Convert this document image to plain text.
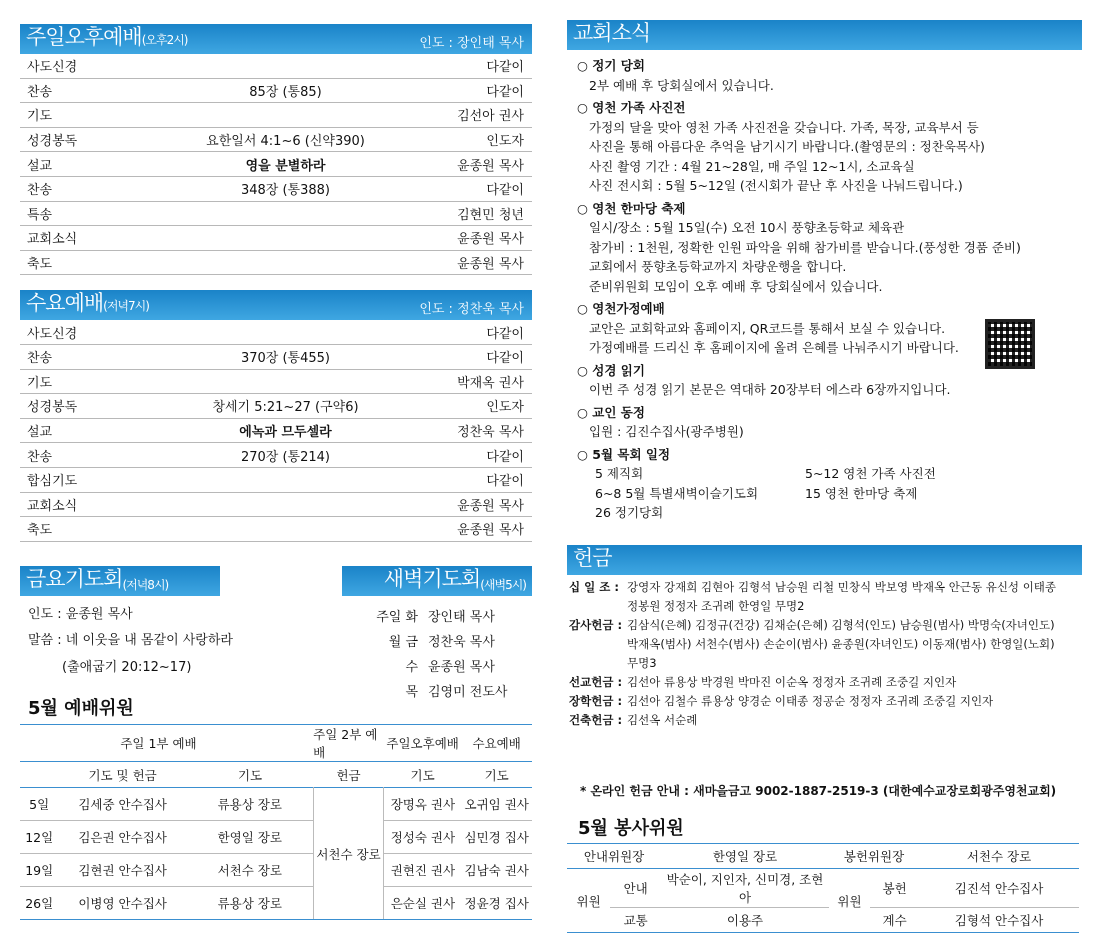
주일오후예배(오후2시)	인도 : 장인태 목사
사도신경	다같이
찬송	85장 (통85)	다같이
기도	김선아 권사
성경봉독	요한일서 4:1~6 (신약390)	인도자
설교	영을 분별하라	윤종원 목사
찬송	348장 (통388)	다같이
특송	김현민 청년
교회소식	윤종원 목사
축도	윤종원 목사
수요예배(저녁7시)	인도 : 정찬욱 목사
사도신경	다같이
찬송	370장 (통455)	다같이
기도	박재옥 권사
성경봉독	창세기 5:21~27 (구약6)	인도자
설교	에녹과 므두셀라	정찬욱 목사
찬송	270장 (통214)	다같이
합심기도	다같이
교회소식	윤종원 목사
축도	윤종원 목사
금요기도회 (저녁8시)	새벽기도회 (새벽5시)
인도 : 윤종원 목사
말씀 : 네 이웃을 내 몸같이 사랑하라
(출애굽기 20:12~17)
주일 화 장인태 목사
월 금 정찬욱 목사
수 윤종원 목사
목 김영미 전도사
5월 예배위원
	주일 1부 예배		주일 2부 예배	주일오후예배	수요예배
	기도 및 헌금	기도	헌금	기도	기도
5일	김세중 안수집사	류용상 장로	서천수 장로	장명옥 권사	오귀임 권사
12일	김은권 안수집사	한영일 장로		정성숙 권사	심민경 집사
19일	김현권 안수집사	서천수 장로		권현진 권사	김남숙 권사
26일	이병영 안수집사	류용상 장로		은순실 권사	정윤경 집사
교회소식
○ 정기 당회
2부 예배 후 당회실에서 있습니다.
○ 영천 가족 사진전
가정의 달을 맞아 영천 가족 사진전을 갖습니다. 가족, 목장, 교육부서 등
사진을 통해 아름다운 추억을 남기시기 바랍니다.(촬영문의 : 정찬욱목사)
사진 촬영 기간 : 4월 21~28일, 매 주일 12~1시, 소교육실
사진 전시회 : 5월 5~12일 (전시회가 끝난 후 사진을 나눠드립니다.)
○ 영천 한마당 축제
일시/장소 : 5월 15일(수) 오전 10시 풍향초등학교 체육관
참가비 : 1천원, 정확한 인원 파악을 위해 참가비를 받습니다.(풍성한 경품 준비)
교회에서 풍향초등학교까지 차량운행을 합니다.
준비위원회 모임이 오후 예배 후 당회실에서 있습니다.
○ 영천가정예배
교안은 교회학교와 홈페이지, QR코드를 통해서 보실 수 있습니다.
가정예배를 드리신 후 홈페이지에 올려 은혜를 나눠주시기 바랍니다.
○ 성경 읽기
이번 주 성경 읽기 본문은 역대하 20장부터 에스라 6장까지입니다.
○ 교인 동정
입원 : 김진수집사(광주병원)
○ 5월 목회 일정
5 제직회	5~12 영천 가족 사진전
6~8 5월 특별새벽이슬기도회	15 영천 한마당 축제
26 정기당회
헌금
십 일 조 : 강영자 강재희 김현아 김형석 남승원 리철 민창식 박보영 박재옥 안근동 유신성 이태종 정봉원 정정자 조귀례 한영일 무명2
감사헌금 : 김삼식(은혜) 김정규(건강) 김채순(은혜) 김형석(인도) 남승원(범사) 박명숙(자녀인도) 박재옥(범사) 서천수(범사) 손순이(범사) 윤종원(자녀인도) 이동재(범사) 한영일(노회) 무명3
선교헌금 : 김선아 류용상 박경원 박마진 이순옥 정정자 조귀례 조중길 지인자
장학헌금 : 김선아 김철수 류용상 양경순 이태종 정공순 정정자 조귀례 조중길 지인자
건축헌금 : 김선옥 서순례
* 온라인 헌금 안내 : 새마을금고 9002-1887-2519-3 (대한예수교장로회광주영천교회)
5월 봉사위원
안내위원장		한영일 장로	봉헌위원장		서천수 장로
위원	안내	박순이, 지인자, 신미경, 조현아	위원	봉헌	김진석 안수집사
	교통	이용주		계수	김형석 안수집사
